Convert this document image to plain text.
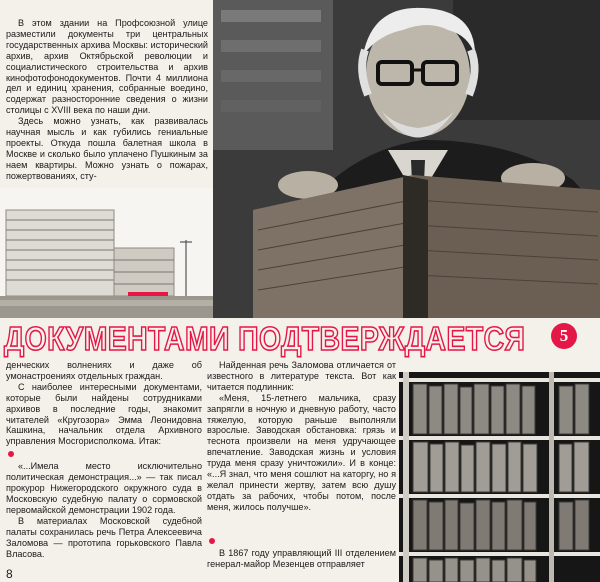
В этом здании на Профсоюзной улице разместили документы три центральных государственных архива Москвы: исторический архив, архив Октябрьской революции и социалистического строительства и архив кинофотофонодокументов. Почти 4 миллиона дел и единиц хранения, собранные воедино, содержат разносторонние сведения о жизни столицы с XVIII века по наши дни.

Здесь можно узнать, как развивалась научная мысль и как губились гениальные проекты. Откуда пошла балетная школа в Москве и сколько было уплачено Пушкиным за наем квартиры. Можно узнать о пожарах, пожертвованиях, сту-

ДОКУМЕНТАМИ ПОДТВЕРЖДАЕТСЯ	5

денческих волнениях и даже об умонастроениях отдельных граждан.

С наиболее интересными документами, которые были найдены сотрудниками архивов в последние годы, знакомит читателей «Кругозора» Эмма Леонидовна Кашкина, начальник отдела Архивного управления Мосгорисполкома. Итак:

«...Имела место исключительно политическая демонстрация...» — так писал прокурор Нижегородского окружного суда в Московскую судебную палату о сормовской первомайской демонстрации 1902 года.

В материалах Московской судебной палаты сохранилась речь Петра Алексеевича Заломова — прототипа горьковского Павла Власова.

Найденная речь Заломова отличается от известного в литературе текста. Вот как читается подлинник:

«Меня, 15-летнего мальчика, сразу запрягли в ночную и дневную работу, часто тяжелую, которую раньше выполняли взрослые. Заводская обстановка: грязь и теснота произвели на меня удручающее впечатление. Заводская жизнь и условия труда меня сразу уничтожили». И в конце: «...Я знал, что меня сошлют на каторгу, но я желал принести жертву, затем всю душу отдать за рабочих, чтобы потом, после меня, жилось получше».

В 1867 году управляющий III отделением генерал-майор Мезенцев отправляет

8
